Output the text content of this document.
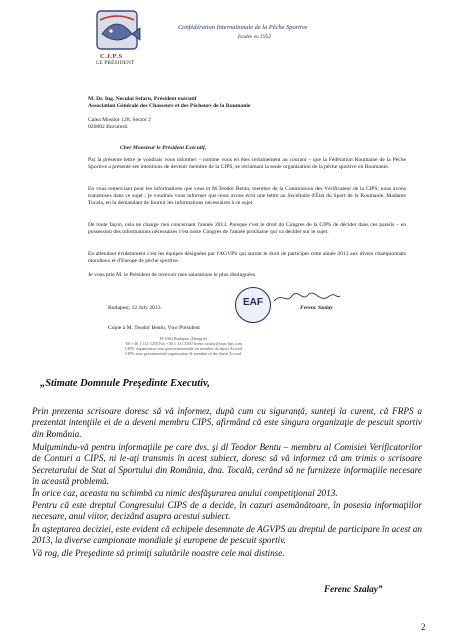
C.I.P.S
LE PRÉSIDENT
Confédération Internationale de la Pêche Sportive
fondée en 1952
M. Dr. Ing. Neculai Sefaru, Président exécutif
Association Générale des Chasseurs et des Pêcheurs de la Roumanie
Calea Mosilor 128, Sector 2
020882 Bucuresti
Cher Monsieur le Président Exécutif,
Par la présente lettre je voudrais vous informer – comme vous en êtes certainement au courant – que la Fédération Roumaine de la Pêche Sportive a présenté ses intentions de devenir membre de la CIPS, se réclamant la seule organisation de la pêche sportive en Roumanie.
En vous remerciant pour les informations que vous et M.Teodor Bentu, membre de la Commission des Vérificateur de la CIPS, nous avons transmises dans ce sujet ; je voudrais vous informer que nous avons écrit une lettre au Secrétaire d'État du Sport de la Roumanie, Madame Tocala, en la demandant de fournir les informations nécessaires à ce sujet.
De toute façon, cela ne change rien concernant l'année 2013. Puisque c'est le droit du Congres de la CIPS de décider dans ces pareils – en possession des informations nécessaires c'est notre Congres de l'année prochaine qui va décider sur le sujet.
En attendant évidemment c'est les équipes désignées par l'AGVPS qui auront le droit de participer cette année 2013 aux divers championnats mondiaux et d'Europe de pêche sportive.
Je vous prie M. le Président de recevoir mes salutations le plus distinguées.
Budapest, 12 July 2013.	EAF	Ferenc Szalay
Copie a M. Teodor Bentu, Vice Président
H-1064 Budapest (Hongrie)
Tél +36 1 311 5250 Fax +36 1 311 5500 ferenc.szalay@cips-fips.com
CIPS, organisation non gouvernementale en membre du Sport Accord
CIPS, non-governmental organisation & member of the Sport Accord
„Stimate Domnule Preşedinte Executiv,
Prin prezenta scrisoare doresc să vă informez, după cum cu siguranță, sunteţi la curent, că FRPS a prezentat intenţiile ei de a deveni membru CIPS, afirmând că este singura organizaţie de pescuit sportiv din România.
Mulţumindu-vă pentru informaţiile pe care dvs. şi dl Teodor Bentu – membru al Comisiei Verificatorilor de Conturi a CIPS, ni le-aţi transmis în acest subiect, doresc să vă informez că am trimis o scrisoare Secretarului de Stat al Sportului din România, dna. Tocală, cerând să ne furnizeze informaţiile necesare în această problemă.
În orice caz, aceasta nu schimbă cu nimic desfăşurarea anului competiţional 2013.
Pentru că este dreptul Congresului CIPS de a decide, în cazuri asemănătoare, în posesia informaţiilor necesare, anul viitor, decizând asupra acestui subiect.
În aşteptarea deciziei, este evident că echipele desemnate de AGVPS au dreptul de participare în acest an 2013, la diverse campionate mondiale şi europene de pescuit sportiv.
Vă rog, dle Preşedinte să primiţi salutările noastre cele mai distinse.
Ferenc Szalay”
2
